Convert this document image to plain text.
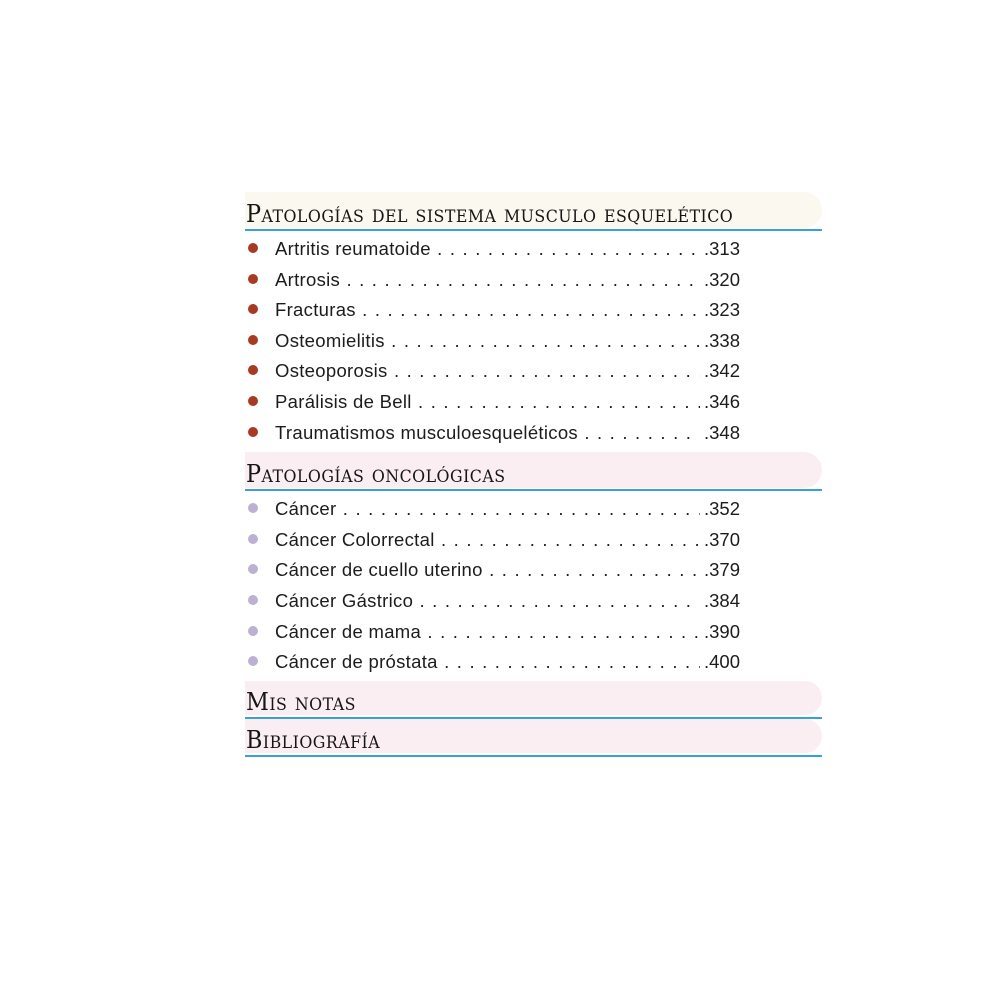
Patologías del sistema musculo esquelético
Artritis reumatoide . . .	.313
Artrosis . . .	.320
Fracturas . . .	.323
Osteomielitis . . .	.338
Osteoporosis . . .	.342
Parálisis de Bell . . .	.346
Traumatismos musculoesqueléticos . . .	.348
Patologías oncológicas
Cáncer . . .	.352
Cáncer Colorrectal . . .	.370
Cáncer de cuello uterino . . .	.379
Cáncer Gástrico . . .	.384
Cáncer de mama . . .	.390
Cáncer de próstata . . .	.400
Mis notas
Bibliografía
